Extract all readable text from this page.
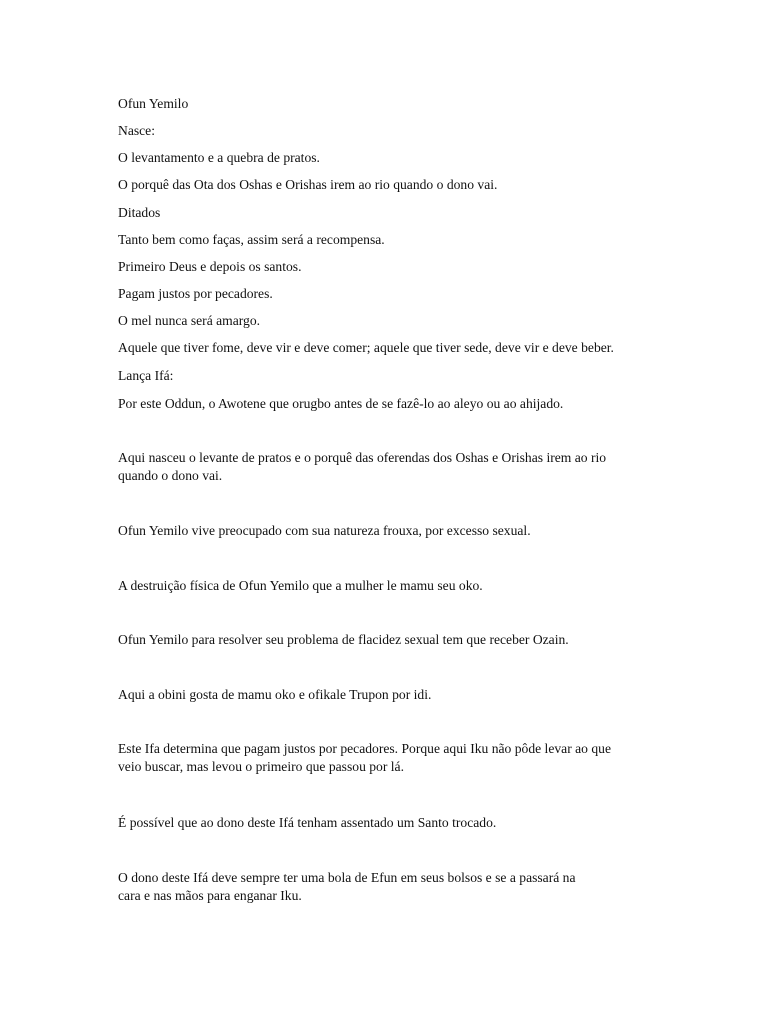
Ofun Yemilo

Nasce:

O levantamento e a quebra de pratos.

O porquê das Ota dos Oshas e Orishas irem ao rio quando o dono vai.

Ditados

Tanto bem como faças, assim será a recompensa.

Primeiro Deus e depois os santos.

Pagam justos por pecadores.

O mel nunca será amargo.

Aquele que tiver fome, deve vir e deve comer; aquele que tiver sede, deve vir e deve beber.

Lança Ifá:

Por este Oddun, o Awotene que orugbo antes de se fazê-lo ao aleyo ou ao ahijado.

Aqui nasceu o levante de pratos e o porquê das oferendas dos Oshas e Orishas irem ao rio

quando o dono vai.

Ofun Yemilo vive preocupado com sua natureza frouxa, por excesso sexual.

A destruição física de Ofun Yemilo que a mulher le mamu seu oko.

Ofun Yemilo para resolver seu problema de flacidez sexual tem que receber Ozain.

Aqui a obini gosta de mamu oko e ofikale Trupon por idi.

Este Ifa determina que pagam justos por pecadores. Porque aqui Iku não pôde levar ao que

veio buscar, mas levou o primeiro que passou por lá.

É possível que ao dono deste Ifá tenham assentado um Santo trocado.

O dono deste Ifá deve sempre ter uma bola de Efun em seus bolsos e se a passará na

cara e nas mãos para enganar Iku.
